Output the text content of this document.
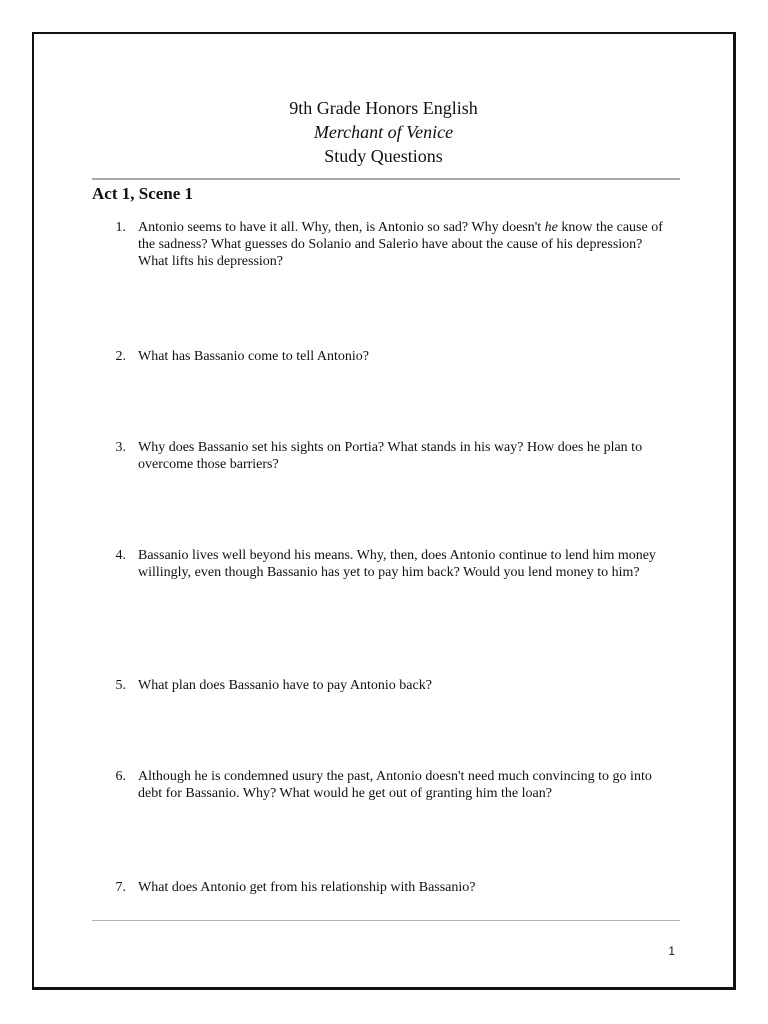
9th Grade Honors English
Merchant of Venice
Study Questions
Act 1, Scene 1
1. Antonio seems to have it all. Why, then, is Antonio so sad? Why doesn't he know the cause of the sadness? What guesses do Solanio and Salerio have about the cause of his depression? What lifts his depression?
2. What has Bassanio come to tell Antonio?
3. Why does Bassanio set his sights on Portia? What stands in his way? How does he plan to overcome those barriers?
4. Bassanio lives well beyond his means. Why, then, does Antonio continue to lend him money willingly, even though Bassanio has yet to pay him back? Would you lend money to him?
5. What plan does Bassanio have to pay Antonio back?
6. Although he is condemned usury the past, Antonio doesn't need much convincing to go into debt for Bassanio. Why? What would he get out of granting him the loan?
7. What does Antonio get from his relationship with Bassanio?
1
